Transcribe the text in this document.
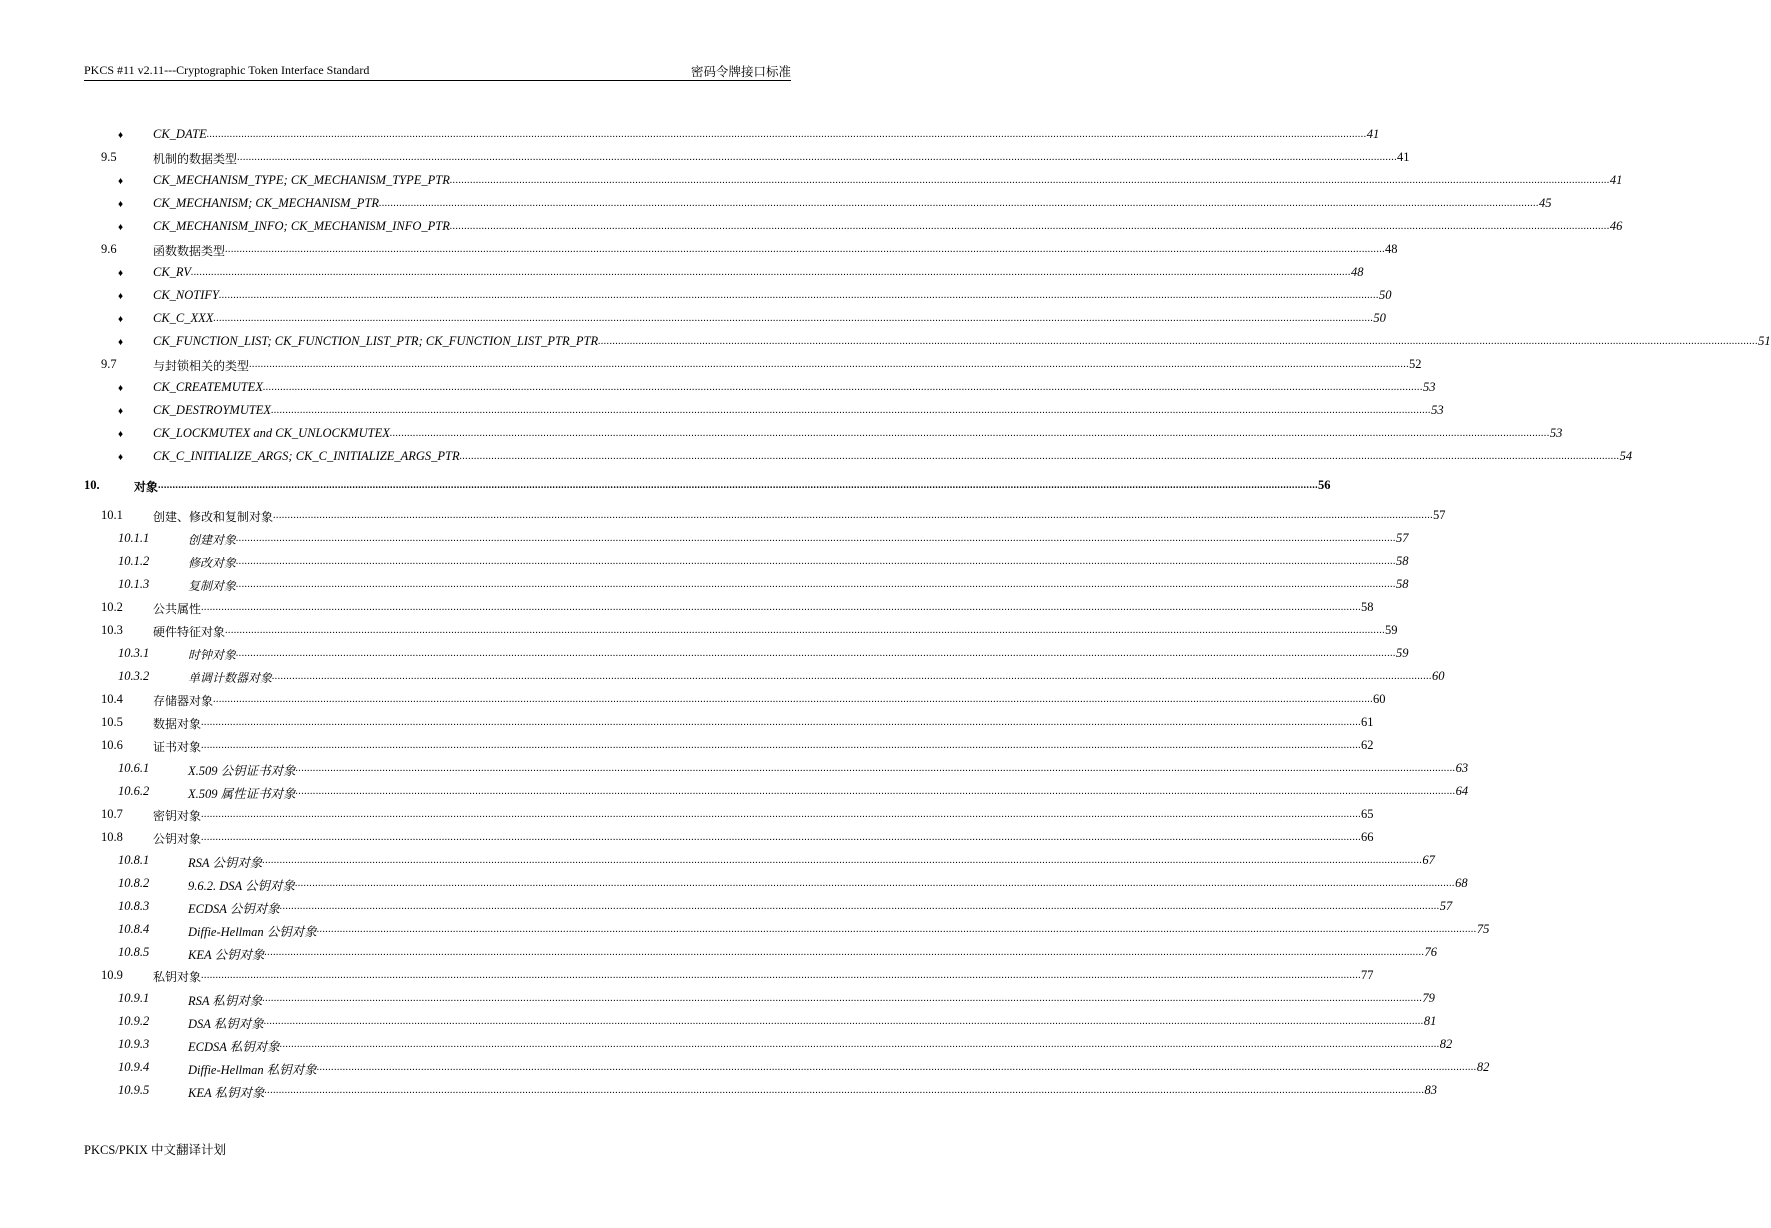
PKCS #11 v2.11---Cryptographic Token Interface Standard	密码令牌接口标准
♦ CK_DATE ................................................................................................................................................................................................................................................................................................................................................................................................................ 41
9.5	机制的数据类型 ................................................................................................................................................................................................................................................................................................................................................................................................................ 41
♦ CK_MECHANISM_TYPE; CK_MECHANISM_TYPE_PTR ................................................................................................................................................................................................................................................................................................................................................................................................................ 41
♦ CK_MECHANISM; CK_MECHANISM_PTR ................................................................................................................................................................................................................................................................................................................................................................................................................ 45
♦ CK_MECHANISM_INFO; CK_MECHANISM_INFO_PTR ................................................................................................................................................................................................................................................................................................................................................................................................................ 46
9.6	函数数据类型 ................................................................................................................................................................................................................................................................................................................................................................................................................ 48
♦ CK_RV ................................................................................................................................................................................................................................................................................................................................................................................................................ 48
♦ CK_NOTIFY ................................................................................................................................................................................................................................................................................................................................................................................................................ 50
♦ CK_C_XXX ................................................................................................................................................................................................................................................................................................................................................................................................................ 50
♦ CK_FUNCTION_LIST; CK_FUNCTION_LIST_PTR; CK_FUNCTION_LIST_PTR_PTR ................................................................................................................................................................................................................................................................................................................................................................................................................ 51
9.7	与封锁相关的类型 ................................................................................................................................................................................................................................................................................................................................................................................................................ 52
♦ CK_CREATEMUTEX ................................................................................................................................................................................................................................................................................................................................................................................................................ 53
♦ CK_DESTROYMUTEX ................................................................................................................................................................................................................................................................................................................................................................................................................ 53
♦ CK_LOCKMUTEX and CK_UNLOCKMUTEX ................................................................................................................................................................................................................................................................................................................................................................................................................ 53
♦ CK_C_INITIALIZE_ARGS; CK_C_INITIALIZE_ARGS_PTR ................................................................................................................................................................................................................................................................................................................................................................................................................ 54
10.	对象 ................................................................................................................................................................................................................................................................................................................................................................................................................ 56
10.1	创建、修改和复制对象 ................................................................................................................................................................................................................................................................................................................................................................................................................ 57
10.1.1	创建对象 ................................................................................................................................................................................................................................................................................................................................................................................................................ 57
10.1.2	修改对象 ................................................................................................................................................................................................................................................................................................................................................................................................................ 58
10.1.3	复制对象 ................................................................................................................................................................................................................................................................................................................................................................................................................ 58
10.2	公共属性 ................................................................................................................................................................................................................................................................................................................................................................................................................ 58
10.3	硬件特征对象 ................................................................................................................................................................................................................................................................................................................................................................................................................ 59
10.3.1	时钟对象 ................................................................................................................................................................................................................................................................................................................................................................................................................ 59
10.3.2	单调计数器对象 ................................................................................................................................................................................................................................................................................................................................................................................................................ 60
10.4	存储器对象 ................................................................................................................................................................................................................................................................................................................................................................................................................ 60
10.5	数据对象 ................................................................................................................................................................................................................................................................................................................................................................................................................ 61
10.6	证书对象 ................................................................................................................................................................................................................................................................................................................................................................................................................ 62
10.6.1	X.509 公钥证书对象 ................................................................................................................................................................................................................................................................................................................................................................................................................ 63
10.6.2	X.509 属性证书对象 ................................................................................................................................................................................................................................................................................................................................................................................................................ 64
10.7	密钥对象 ................................................................................................................................................................................................................................................................................................................................................................................................................ 65
10.8	公钥对象 ................................................................................................................................................................................................................................................................................................................................................................................................................ 66
10.8.1	RSA 公钥对象 ................................................................................................................................................................................................................................................................................................................................................................................................................ 67
10.8.2	9.6.2. DSA 公钥对象 ................................................................................................................................................................................................................................................................................................................................................................................................................ 68
10.8.3	ECDSA 公钥对象 ................................................................................................................................................................................................................................................................................................................................................................................................................ 57
10.8.4	Diffie-Hellman 公钥对象 ................................................................................................................................................................................................................................................................................................................................................................................................................ 75
10.8.5	KEA 公钥对象 ................................................................................................................................................................................................................................................................................................................................................................................................................ 76
10.9	私钥对象 ................................................................................................................................................................................................................................................................................................................................................................................................................ 77
10.9.1	RSA 私钥对象 ................................................................................................................................................................................................................................................................................................................................................................................................................ 79
10.9.2	DSA 私钥对象 ................................................................................................................................................................................................................................................................................................................................................................................................................ 81
10.9.3	ECDSA 私钥对象 ................................................................................................................................................................................................................................................................................................................................................................................................................ 82
10.9.4	Diffie-Hellman 私钥对象 ................................................................................................................................................................................................................................................................................................................................................................................................................ 82
10.9.5	KEA 私钥对象 ................................................................................................................................................................................................................................................................................................................................................................................................................ 83
PKCS/PKIX 中文翻译计划
